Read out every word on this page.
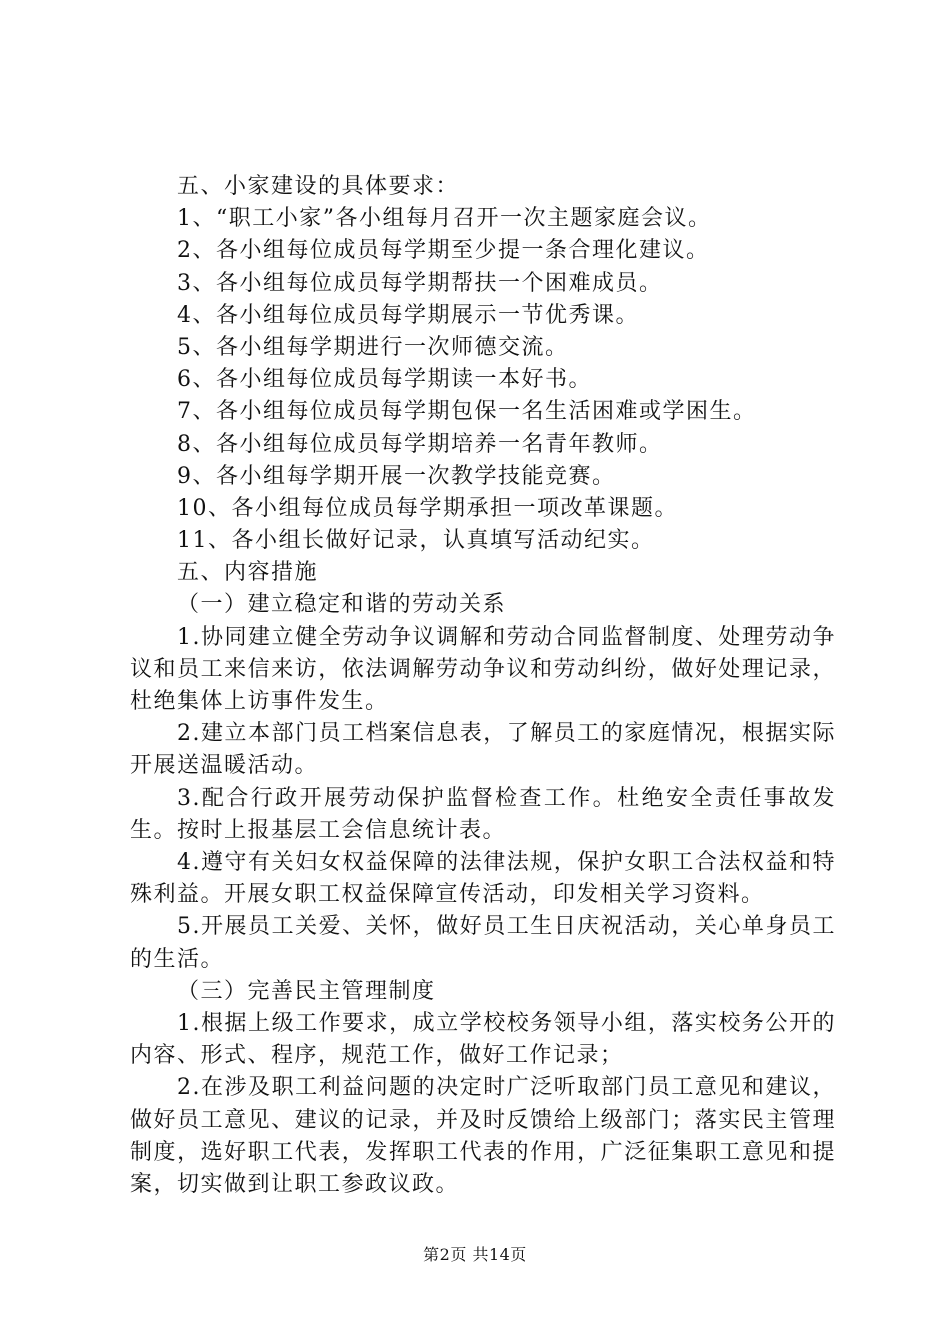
五、小家建设的具体要求：
1、“职工小家”各小组每月召开一次主题家庭会议。
2、各小组每位成员每学期至少提一条合理化建议。
3、各小组每位成员每学期帮扶一个困难成员。
4、各小组每位成员每学期展示一节优秀课。
5、各小组每学期进行一次师德交流。
6、各小组每位成员每学期读一本好书。
7、各小组每位成员每学期包保一名生活困难或学困生。
8、各小组每位成员每学期培养一名青年教师。
9、各小组每学期开展一次教学技能竞赛。
10、各小组每位成员每学期承担一项改革课题。
11、各小组长做好记录，认真填写活动纪实。
五、内容措施
（一）建立稳定和谐的劳动关系
1.协同建立健全劳动争议调解和劳动合同监督制度、处理劳动争议和员工来信来访，依法调解劳动争议和劳动纠纷，做好处理记录，杜绝集体上访事件发生。
2.建立本部门员工档案信息表，了解员工的家庭情况，根据实际开展送温暖活动。
3.配合行政开展劳动保护监督检查工作。杜绝安全责任事故发生。按时上报基层工会信息统计表。
4.遵守有关妇女权益保障的法律法规，保护女职工合法权益和特殊利益。开展女职工权益保障宣传活动，印发相关学习资料。
5.开展员工关爱、关怀，做好员工生日庆祝活动，关心单身员工的生活。
（三）完善民主管理制度
1.根据上级工作要求，成立学校校务领导小组，落实校务公开的内容、形式、程序，规范工作，做好工作记录；
2.在涉及职工利益问题的决定时广泛听取部门员工意见和建议，做好员工意见、建议的记录，并及时反馈给上级部门；落实民主管理制度，选好职工代表，发挥职工代表的作用，广泛征集职工意见和提案，切实做到让职工参政议政。
第2页 共14页
